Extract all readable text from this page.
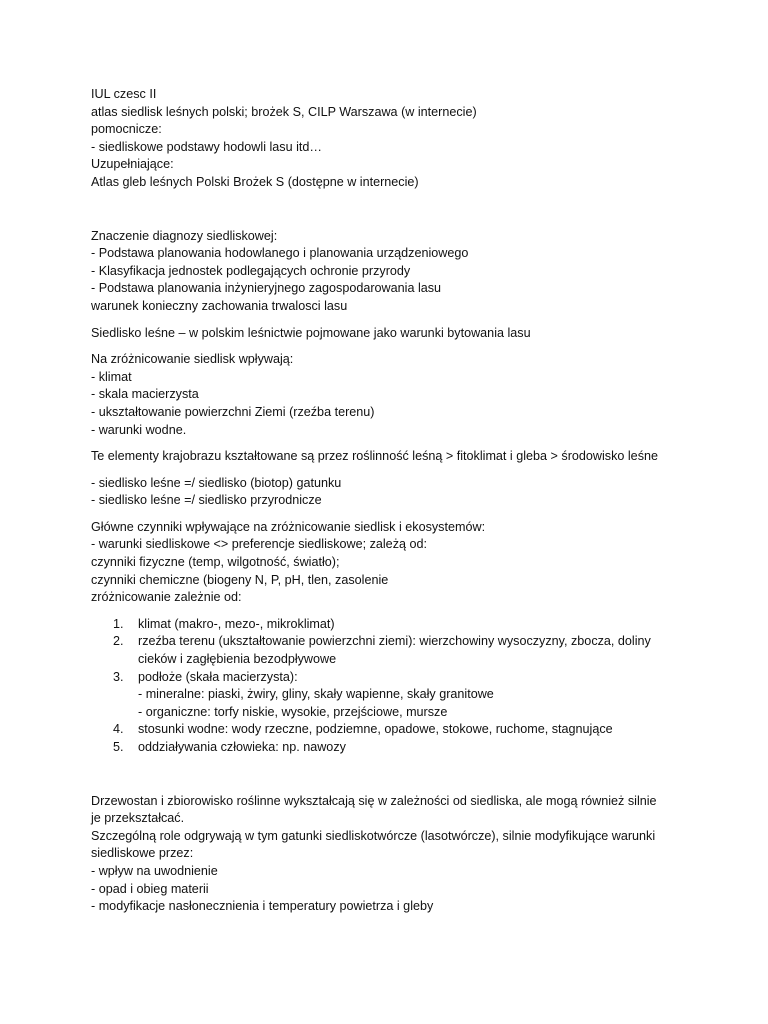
IUL czesc II

atlas siedlisk leśnych polski; brożek S, CILP Warszawa (w internecie)

pomocnicze:

- siedliskowe podstawy hodowli lasu itd…

Uzupełniające:

Atlas gleb leśnych Polski Brożek S (dostępne w internecie)

Znaczenie diagnozy siedliskowej:

- Podstawa planowania hodowlanego i planowania urządzeniowego

- Klasyfikacja jednostek podlegających ochronie przyrody

- Podstawa planowania inżynieryjnego zagospodarowania lasu

warunek konieczny zachowania trwalosci lasu

Siedlisko leśne – w polskim leśnictwie pojmowane jako warunki bytowania lasu

Na zróżnicowanie siedlisk wpływają:

- klimat

- skala macierzysta

- ukształtowanie powierzchni Ziemi (rzeźba terenu)

- warunki wodne.

Te elementy krajobrazu kształtowane są przez roślinność leśną > fitoklimat i gleba > środowisko leśne

- siedlisko leśne =/ siedlisko (biotop) gatunku

- siedlisko leśne =/ siedlisko przyrodnicze

Główne czynniki wpływające na zróżnicowanie siedlisk i ekosystemów:

- warunki siedliskowe <> preferencje siedliskowe; zależą od:

czynniki fizyczne (temp, wilgotność, światło);

czynniki chemiczne (biogeny N, P, pH, tlen, zasolenie

zróżnicowanie zależnie od:

1. klimat (makro-, mezo-, mikroklimat)
2. rzeźba terenu (ukształtowanie powierzchni ziemi): wierzchowiny wysoczyzny, zbocza, doliny
cieków i zagłębienia bezodpływowe
3. podłoże (skała macierzysta):
- mineralne: piaski, żwiry, gliny, skały wapienne, skały granitowe
- organiczne: torfy niskie, wysokie, przejściowe, mursze
4. stosunki wodne: wody rzeczne, podziemne, opadowe, stokowe, ruchome, stagnujące
5. oddziaływania człowieka: np. nawozy

Drzewostan i zbiorowisko roślinne wykształcają się w zależności od siedliska, ale mogą również silnie

je przekształcać.

Szczególną role odgrywają w tym gatunki siedliskotwórcze (lasotwórcze), silnie modyfikujące warunki

siedliskowe przez:

- wpływ na uwodnienie

- opad i obieg materii

- modyfikacje nasłonecznienia i temperatury powietrza i gleby
